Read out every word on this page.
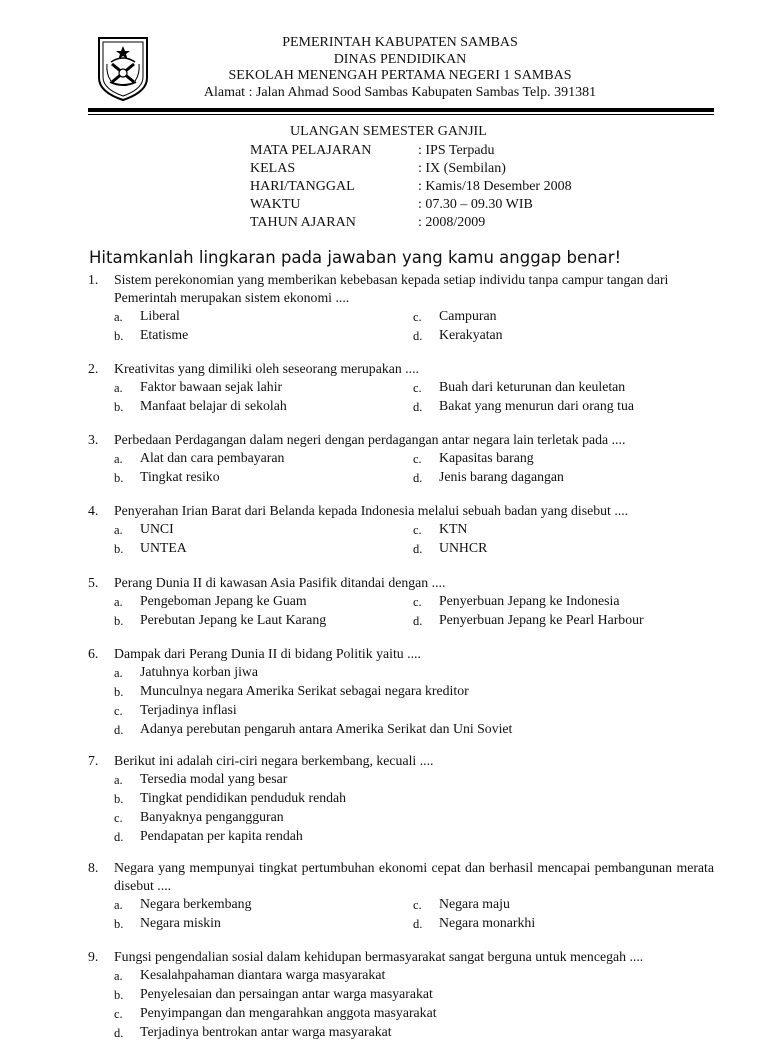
PEMERINTAH KABUPATEN SAMBAS
DINAS PENDIDIKAN
SEKOLAH MENENGAH PERTAMA NEGERI 1 SAMBAS
Alamat : Jalan Ahmad Sood Sambas Kabupaten Sambas Telp. 391381
ULANGAN SEMESTER GANJIL
MATA PELAJARAN	: IPS Terpadu
KELAS	: IX (Sembilan)
HARI/TANGGAL	: Kamis/18 Desember 2008
WAKTU	: 07.30 – 09.30 WIB
TAHUN AJARAN	: 2008/2009
Hitamkanlah lingkaran pada jawaban yang kamu anggap benar!
1.	Sistem perekonomian yang memberikan kebebasan kepada setiap individu tanpa campur tangan dari Pemerintah merupakan sistem ekonomi ....
a.	Liberal	c.	Campuran
b.	Etatisme	d.	Kerakyatan
2.	Kreativitas yang dimiliki oleh seseorang merupakan ....
a.	Faktor bawaan sejak lahir	c.	Buah dari keturunan dan keuletan
b.	Manfaat belajar di sekolah	d.	Bakat yang menurun dari orang tua
3.	Perbedaan Perdagangan dalam negeri dengan perdagangan antar negara lain terletak pada ....
a.	Alat dan cara pembayaran	c.	Kapasitas barang
b.	Tingkat resiko	d.	Jenis barang dagangan
4.	Penyerahan Irian Barat dari Belanda kepada Indonesia melalui sebuah badan yang disebut ....
a.	UNCI	c.	KTN
b.	UNTEA	d.	UNHCR
5.	Perang Dunia II di kawasan Asia Pasifik ditandai dengan ....
a.	Pengeboman Jepang ke Guam	c.	Penyerbuan Jepang ke Indonesia
b.	Perebutan Jepang ke Laut Karang	d.	Penyerbuan Jepang ke Pearl Harbour
6.	Dampak dari Perang Dunia II di bidang Politik yaitu ....
a.	Jatuhnya korban jiwa
b.	Munculnya negara Amerika Serikat sebagai negara kreditor
c.	Terjadinya inflasi
d.	Adanya perebutan pengaruh antara Amerika Serikat dan Uni Soviet
7.	Berikut ini adalah ciri-ciri negara berkembang, kecuali ....
a.	Tersedia modal yang besar
b.	Tingkat pendidikan penduduk rendah
c.	Banyaknya pengangguran
d.	Pendapatan per kapita rendah
8.	Negara yang mempunyai tingkat pertumbuhan ekonomi cepat dan berhasil mencapai pembangunan merata disebut ....
a.	Negara berkembang	c.	Negara maju
b.	Negara miskin	d.	Negara monarkhi
9.	Fungsi pengendalian sosial dalam kehidupan bermasyarakat sangat berguna untuk mencegah ....
a.	Kesalahpahaman diantara warga masyarakat
b.	Penyelesaian dan persaingan antar warga masyarakat
c.	Penyimpangan dan mengarahkan anggota masyarakat
d.	Terjadinya bentrokan antar warga masyarakat
